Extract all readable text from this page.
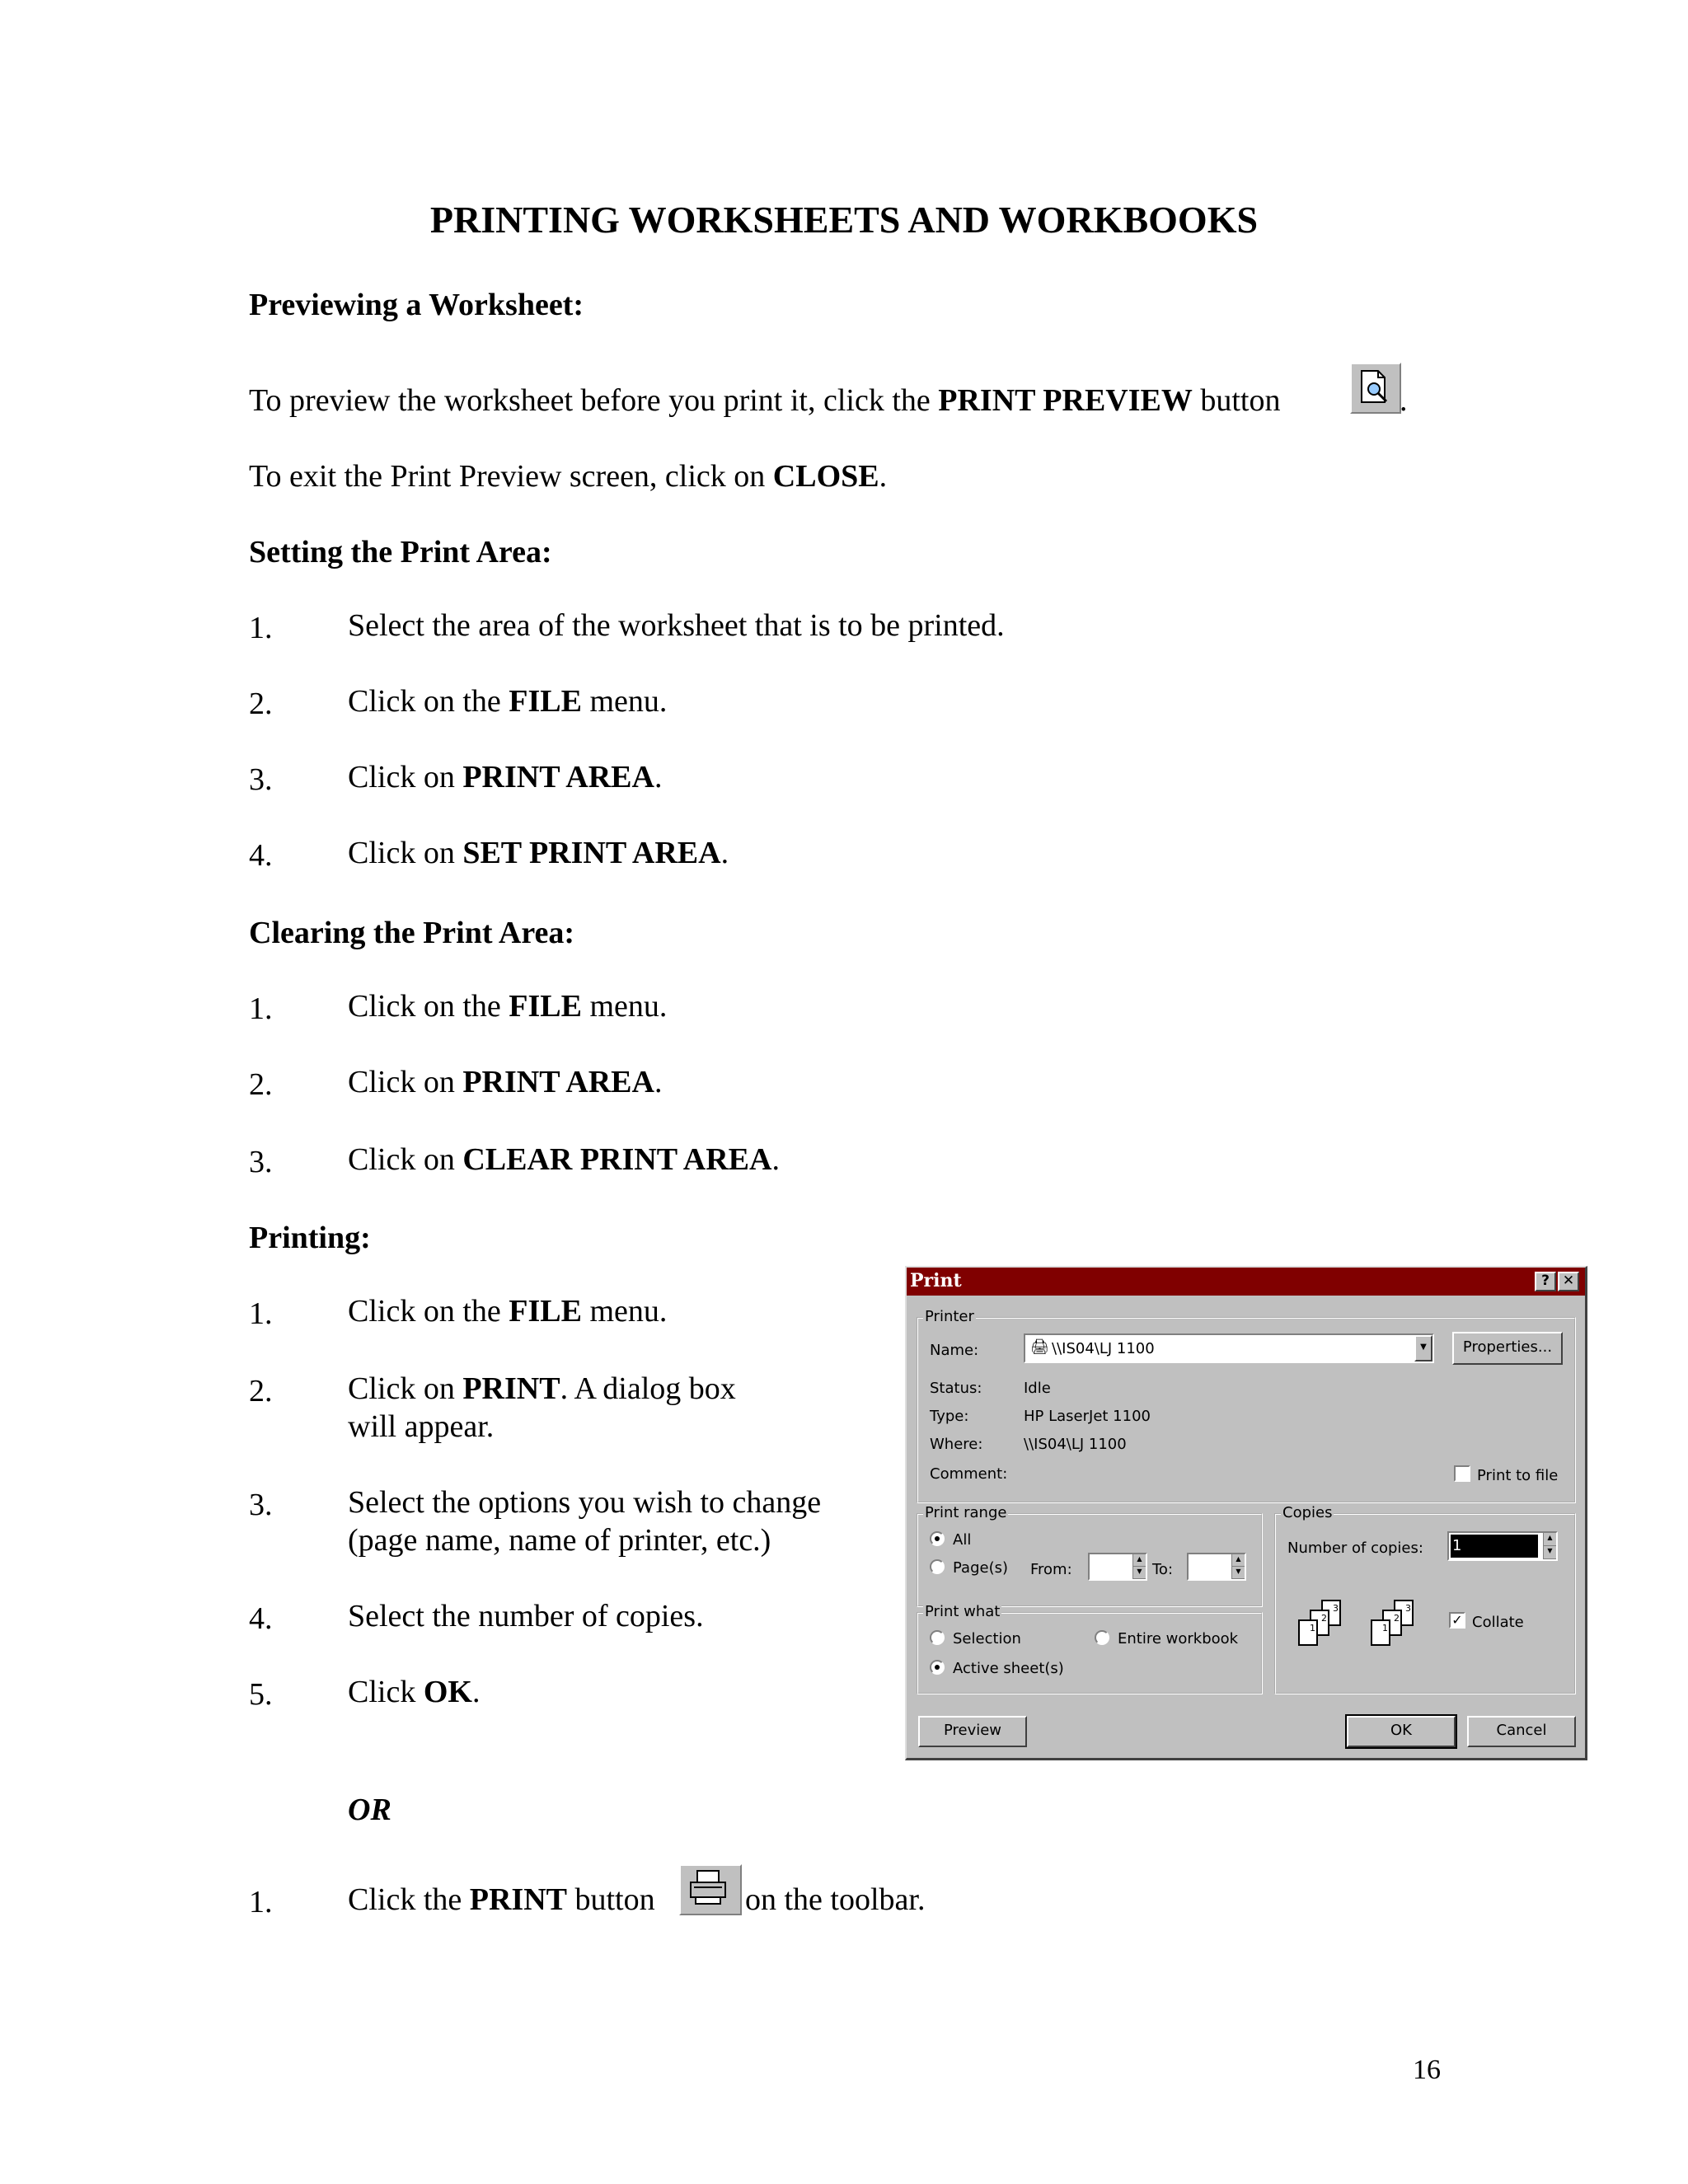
PRINTING WORKSHEETS AND WORKBOOKS
Previewing a Worksheet:
To preview the worksheet before you print it, click the PRINT PREVIEW button	.
To exit the Print Preview screen, click on CLOSE.
Setting the Print Area:
1. Select the area of the worksheet that is to be printed.
2. Click on the FILE menu.
3. Click on PRINT AREA.
4. Click on SET PRINT AREA.
Clearing the Print Area:
1. Click on the FILE menu.
2. Click on PRINT AREA.
3. Click on CLEAR PRINT AREA.
Printing:
1. Click on the FILE menu.
2. Click on PRINT. A dialog box
will appear.
3. Select the options you wish to change
(page name, name of printer, etc.)
4. Select the number of copies.
5. Click OK.
OR
1. Click the PRINT button	on the toolbar.
16
Print	? ✕
Printer
Name:	🖨 \\IS04\LJ 1100	▼	Properties...
Status:	Idle
Type:	HP LaserJet 1100
Where:	\\IS04\LJ 1100
Comment:	Print to file
Print range
All
Page(s) From:
▲
▼ To:
▲
▼
Print what
Selection	Entire workbook
Active sheet(s)
Copies
Number of copies: 1	▲
▼
3
2
1
3
2
1
✓ Collate
Preview	OK	Cancel
